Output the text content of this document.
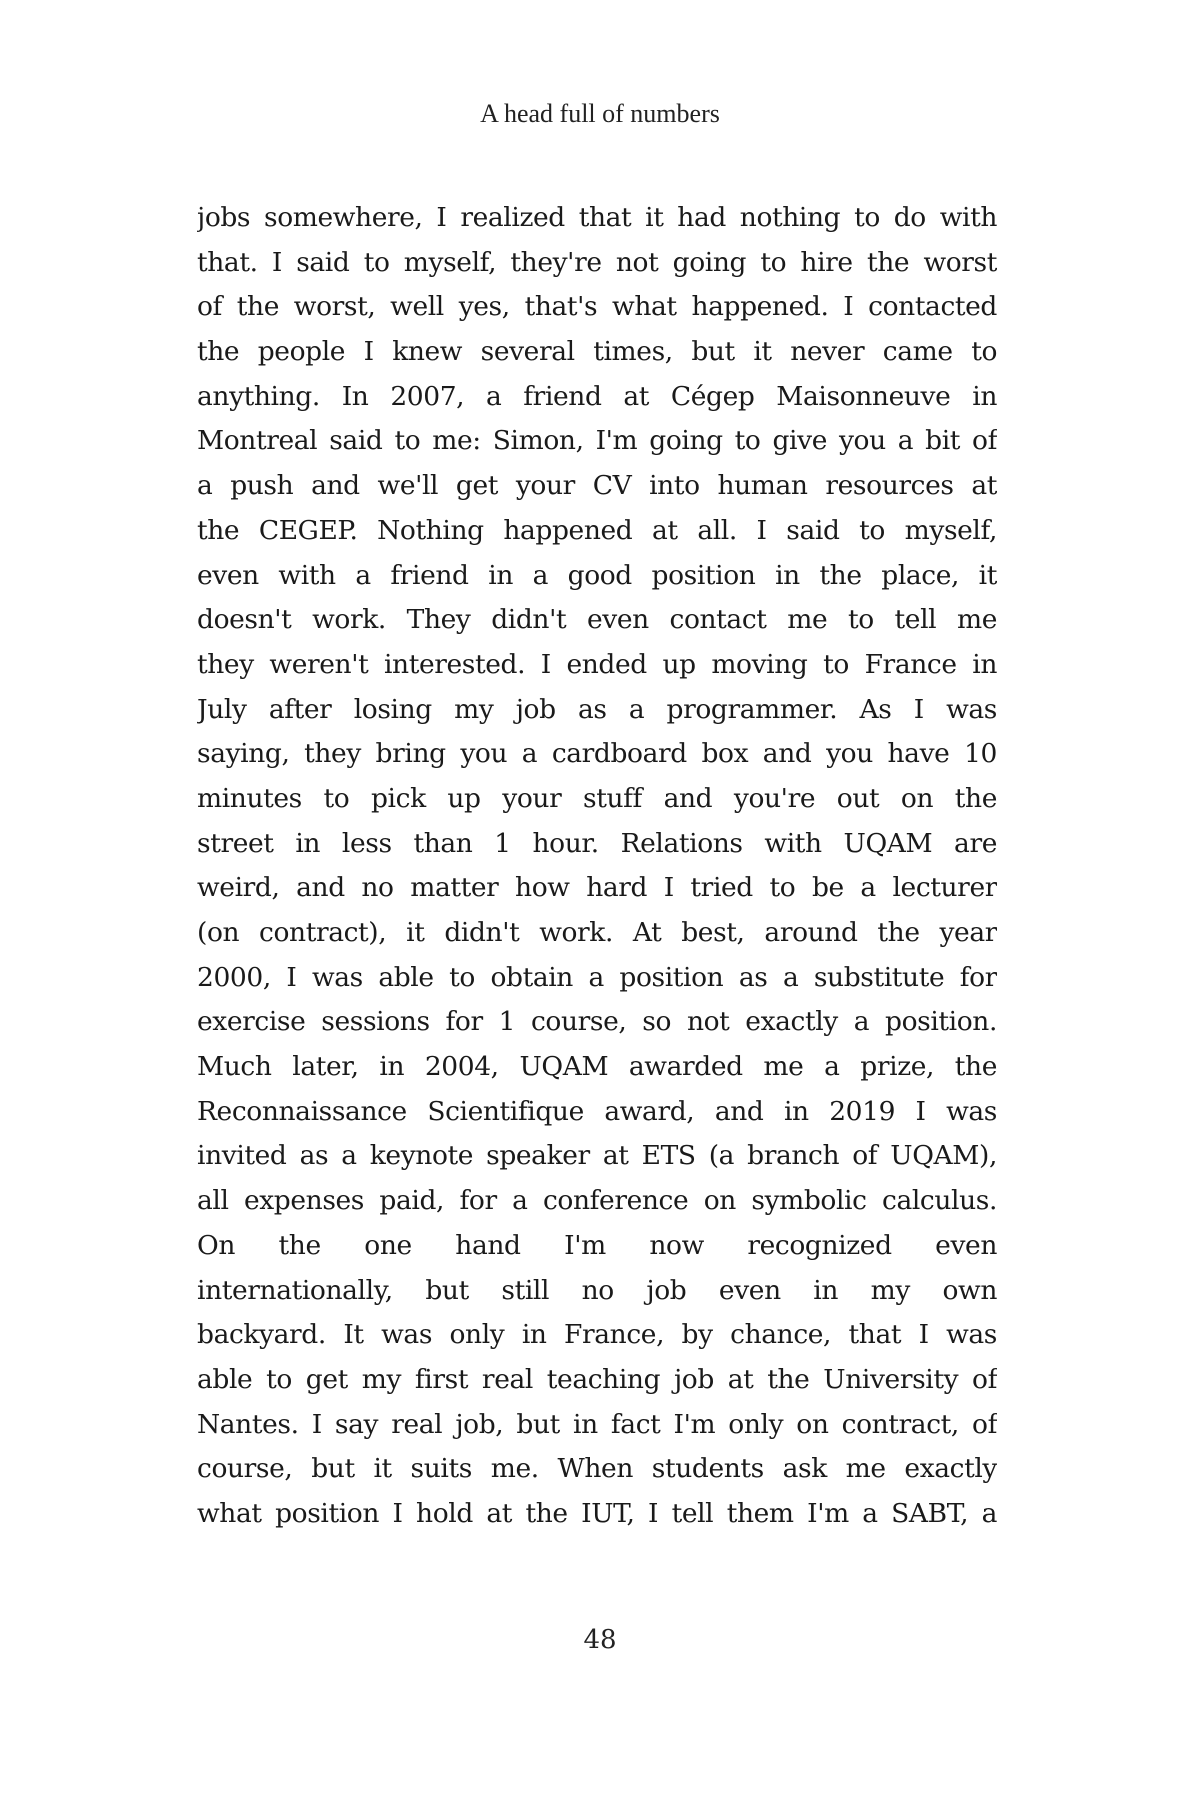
A head full of numbers
jobs somewhere, I realized that it had nothing to do with
that. I said to myself, they're not going to hire the worst
of the worst, well yes, that's what happened. I contacted
the people I knew several times, but it never came to
anything. In 2007, a friend at Cégep Maisonneuve in
Montreal said to me: Simon, I'm going to give you a bit of
a push and we'll get your CV into human resources at
the CEGEP. Nothing happened at all. I said to myself,
even with a friend in a good position in the place, it
doesn't work. They didn't even contact me to tell me
they weren't interested. I ended up moving to France in
July after losing my job as a programmer. As I was
saying, they bring you a cardboard box and you have 10
minutes to pick up your stuff and you're out on the
street in less than 1 hour. Relations with UQAM are
weird, and no matter how hard I tried to be a lecturer
(on contract), it didn't work. At best, around the year
2000, I was able to obtain a position as a substitute for
exercise sessions for 1 course, so not exactly a position.
Much later, in 2004, UQAM awarded me a prize, the
Reconnaissance Scientifique award, and in 2019 I was
invited as a keynote speaker at ETS (a branch of UQAM),
all expenses paid, for a conference on symbolic calculus.
On the one hand I'm now recognized even
internationally, but still no job even in my own
backyard. It was only in France, by chance, that I was
able to get my first real teaching job at the University of
Nantes. I say real job, but in fact I'm only on contract, of
course, but it suits me. When students ask me exactly
what position I hold at the IUT, I tell them I'm a SABT, a
48
